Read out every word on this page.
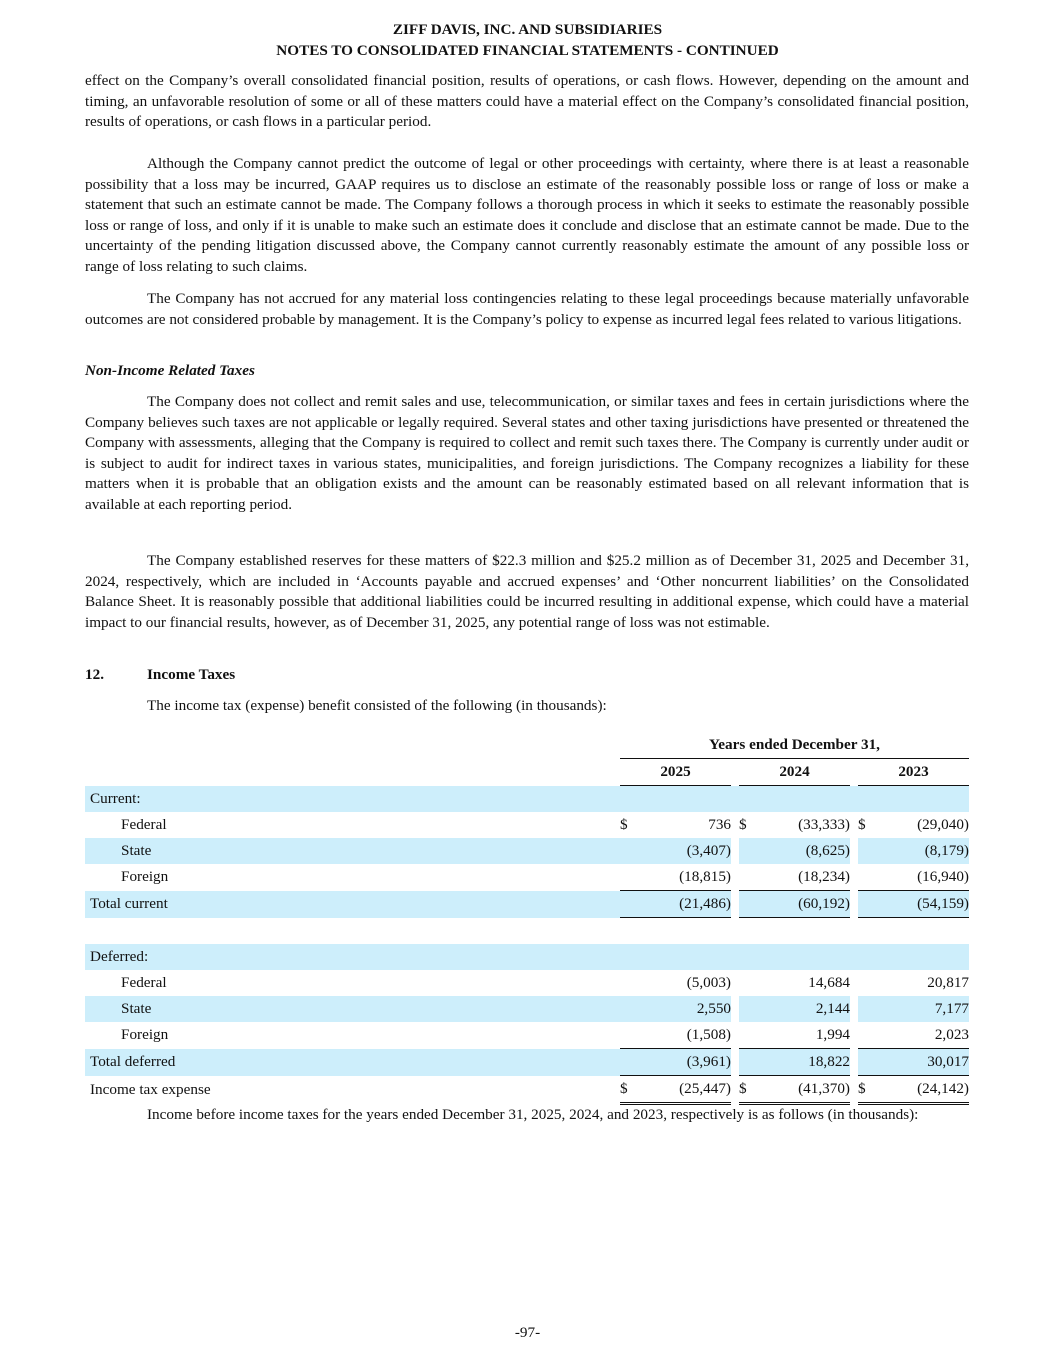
ZIFF DAVIS, INC. AND SUBSIDIARIES
NOTES TO CONSOLIDATED FINANCIAL STATEMENTS - CONTINUED

effect on the Company’s overall consolidated financial position, results of operations, or cash flows. However, depending on the amount and timing, an unfavorable resolution of some or all of these matters could have a material effect on the Company’s consolidated financial position, results of operations, or cash flows in a particular period.

Although the Company cannot predict the outcome of legal or other proceedings with certainty, where there is at least a reasonable possibility that a loss may be incurred, GAAP requires us to disclose an estimate of the reasonably possible loss or range of loss or make a statement that such an estimate cannot be made. The Company follows a thorough process in which it seeks to estimate the reasonably possible loss or range of loss, and only if it is unable to make such an estimate does it conclude and disclose that an estimate cannot be made. Due to the uncertainty of the pending litigation discussed above, the Company cannot currently reasonably estimate the amount of any possible loss or range of loss relating to such claims.

The Company has not accrued for any material loss contingencies relating to these legal proceedings because materially unfavorable outcomes are not considered probable by management. It is the Company’s policy to expense as incurred legal fees related to various litigations.

Non-Income Related Taxes

The Company does not collect and remit sales and use, telecommunication, or similar taxes and fees in certain jurisdictions where the Company believes such taxes are not applicable or legally required. Several states and other taxing jurisdictions have presented or threatened the Company with assessments, alleging that the Company is required to collect and remit such taxes there. The Company is currently under audit or is subject to audit for indirect taxes in various states, municipalities, and foreign jurisdictions. The Company recognizes a liability for these matters when it is probable that an obligation exists and the amount can be reasonably estimated based on all relevant information that is available at each reporting period.

The Company established reserves for these matters of $22.3 million and $25.2 million as of December 31, 2025 and December 31, 2024, respectively, which are included in ‘Accounts payable and accrued expenses’ and ‘Other noncurrent liabilities’ on the Consolidated Balance Sheet. It is reasonably possible that additional liabilities could be incurred resulting in additional expense, which could have a material impact to our financial results, however, as of December 31, 2025, any potential range of loss was not estimable.

12.	Income Taxes

The income tax (expense) benefit consisted of the following (in thousands):

	Years ended December 31,							
	2025			2024			2023	
Current:								
Federal	$	736		$	(33,333)		$	(29,040)
State		(3,407)			(8,625)			(8,179)
Foreign		(18,815)			(18,234)			(16,940)
Total current		(21,486)			(60,192)			(54,159)

Deferred:								
Federal		(5,003)			14,684			20,817
State		2,550			2,144			7,177
Foreign		(1,508)			1,994			2,023
Total deferred		(3,961)			18,822			30,017
Income tax expense	$	(25,447)		$	(41,370)		$	(24,142)

Income before income taxes for the years ended December 31, 2025, 2024, and 2023, respectively is as follows (in thousands):

-97-
